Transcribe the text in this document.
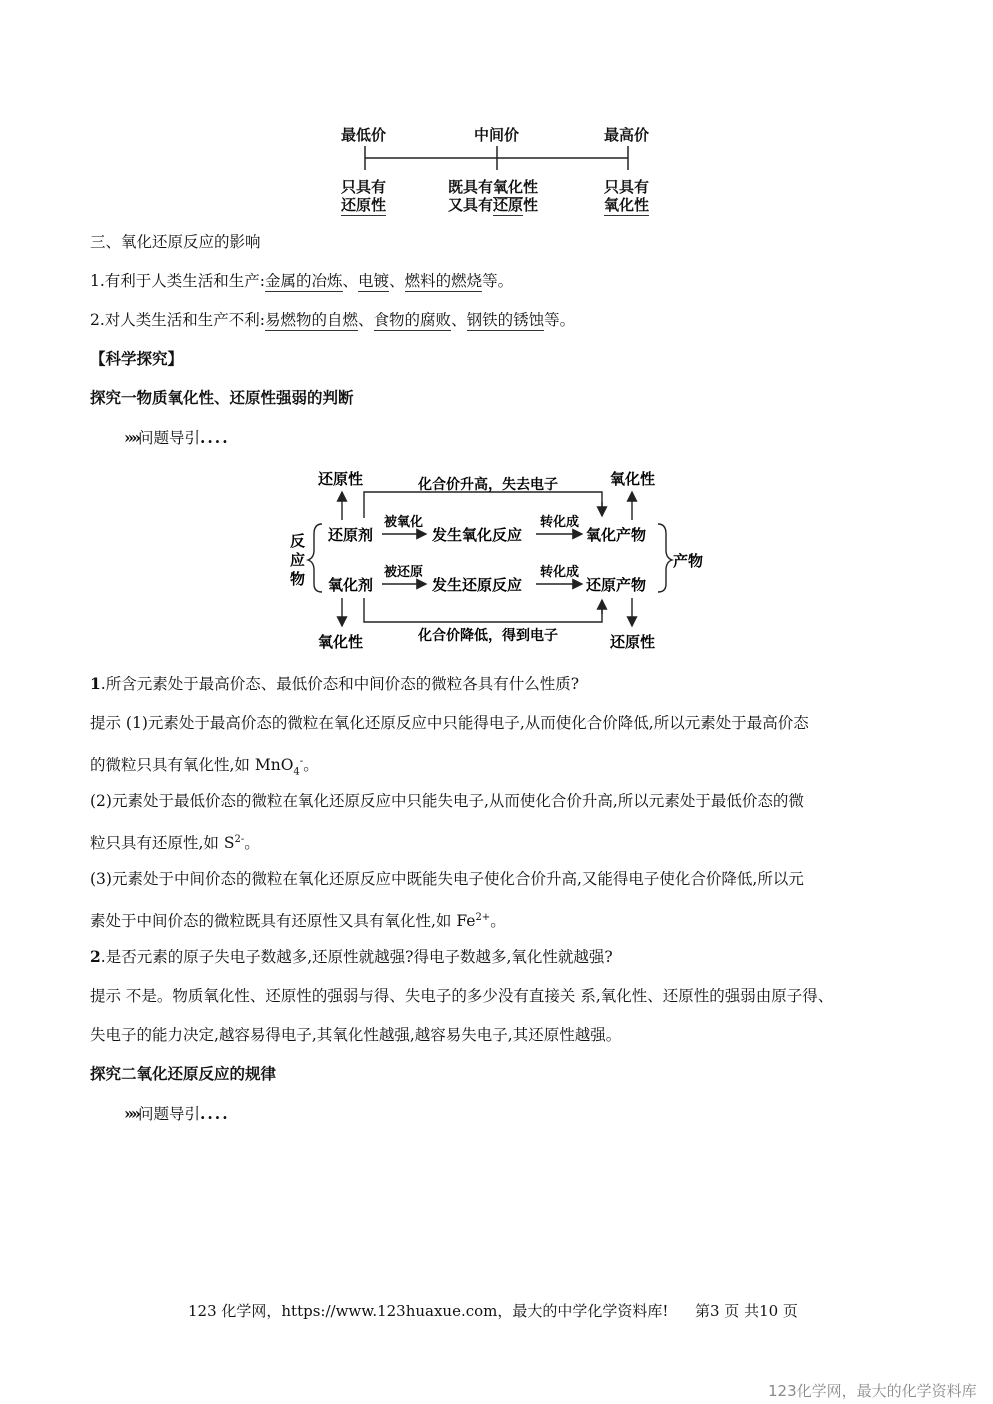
最低价	中间价	最高价
只具有
还原性
既具有氧化性
又具有还原性
只具有
氧化性
三、氧化还原反应的影响
1.有利于人类生活和生产:金属的冶炼、电镀、燃料的燃烧等。
2.对人类生活和生产不利:易燃物的自燃、食物的腐败、钢铁的锈蚀等。
【科学探究】
探究一物质氧化性、还原性强弱的判断
»»问题导引....
还原性	氧化性
氧化性	还原性
化合价升高，失去电子
化合价降低，得到电子
反
应
物
产物
还原剂
被氧化
发生氧化反应
转化成
氧化产物
氧化剂
被还原
发生还原反应
转化成
还原产物
1.所含元素处于最高价态、最低价态和中间价态的微粒各具有什么性质?
提示 (1)元素处于最高价态的微粒在氧化还原反应中只能得电子,从而使化合价降低,所以元素处于最高价态
的微粒只具有氧化性,如 MnO$_4$-。
(2)元素处于最低价态的微粒在氧化还原反应中只能失电子,从而使化合价升高,所以元素处于最低价态的微
粒只具有还原性,如 $S^{2-}$。
(3)元素处于中间价态的微粒在氧化还原反应中既能失电子使化合价升高,又能得电子使化合价降低,所以元
素处于中间价态的微粒既具有还原性又具有氧化性,如 $Fe^{2+}$。
2.是否元素的原子失电子数越多,还原性就越强?得电子数越多,氧化性就越强?
提示 不是。物质氧化性、还原性的强弱与得、失电子的多少没有直接关 系,氧化性、还原性的强弱由原子得、
失电子的能力决定,越容易得电子,其氧化性越强,越容易失电子,其还原性越强。
探究二氧化还原反应的规律
»»问题导引....
123 化学网，https://www.123huaxue.com，最大的中学化学资料库! 第3 页 共10 页
123化学网，最大的化学资料库
